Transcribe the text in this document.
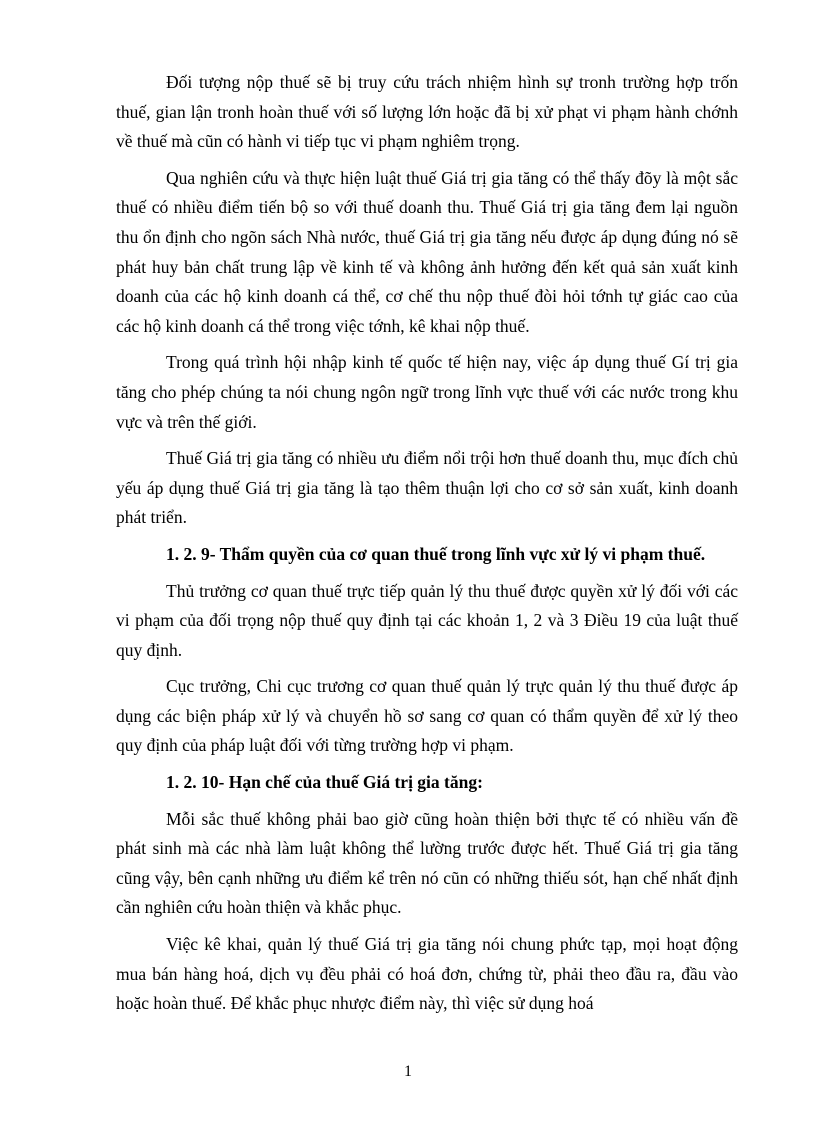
Đối tượng nộp thuế sẽ bị truy cứu trách nhiệm hình sự tronh trường hợp trốn thuế, gian lận tronh hoàn thuế với số lượng lớn hoặc đã bị xử phạt vi phạm hành chớnh về thuế mà cũn có hành vi tiếp tục vi phạm nghiêm trọng.

Qua nghiên cứu và thực hiện luật thuế Giá trị gia tăng có thể thấy đõy là một sắc thuế có nhiều điểm tiến bộ so với thuế doanh thu. Thuế Giá trị gia tăng đem lại nguồn thu ổn định cho ngõn sách Nhà nước, thuế Giá trị gia tăng nếu được áp dụng đúng nó sẽ phát huy bản chất trung lập về kinh tế và không ảnh hưởng đến kết quả sản xuất kinh doanh của các hộ kinh doanh cá thể, cơ chế thu nộp thuế đòi hỏi tớnh tự giác cao của các hộ kinh doanh cá thể trong việc tớnh, kê khai nộp thuế.

Trong quá trình hội nhập kinh tế quốc tế hiện nay, việc áp dụng thuế Gí trị gia tăng cho phép chúng ta nói chung ngôn ngữ trong lĩnh vực thuế với các nước trong khu vực và trên thế giới.

Thuế Giá trị gia tăng có nhiều ưu điểm nổi trội hơn thuế doanh thu, mục đích chủ yếu áp dụng thuế Giá trị gia tăng là tạo thêm thuận lợi cho cơ sở sản xuất, kinh doanh phát triển.

1. 2. 9- Thẩm quyền của cơ quan thuế trong lĩnh vực xử lý vi phạm thuế.

Thủ trưởng cơ quan thuế trực tiếp quản lý thu thuế được quyền xử lý đối với các vi phạm của đối trọng nộp thuế quy định tại các khoản 1, 2 và 3 Điều 19 của luật thuế quy định.

Cục trưởng, Chi cục trương cơ quan thuế quản lý trực quản lý thu thuế được áp dụng các biện pháp xử lý và chuyển hồ sơ sang cơ quan có thẩm quyền để xử lý theo quy định của pháp luật đối với từng trường hợp vi phạm.

1. 2. 10- Hạn chế của thuế Giá trị gia tăng:

Mỗi sắc thuế không phải bao giờ cũng hoàn thiện bởi thực tế có nhiều vấn đề phát sinh mà các nhà làm luật không thể lường trước được hết. Thuế Giá trị gia tăng cũng vậy, bên cạnh những ưu điểm kể trên nó cũn có những thiếu sót, hạn chế nhất định cần nghiên cứu hoàn thiện và khắc phục.

Việc kê khai, quản lý thuế Giá trị gia tăng nói chung phức tạp, mọi hoạt động mua bán hàng hoá, dịch vụ đều phải có hoá đơn, chứng từ, phải theo đầu ra, đầu vào hoặc hoàn thuế. Để khắc phục nhược điểm này, thì việc sử dụng hoá

1
